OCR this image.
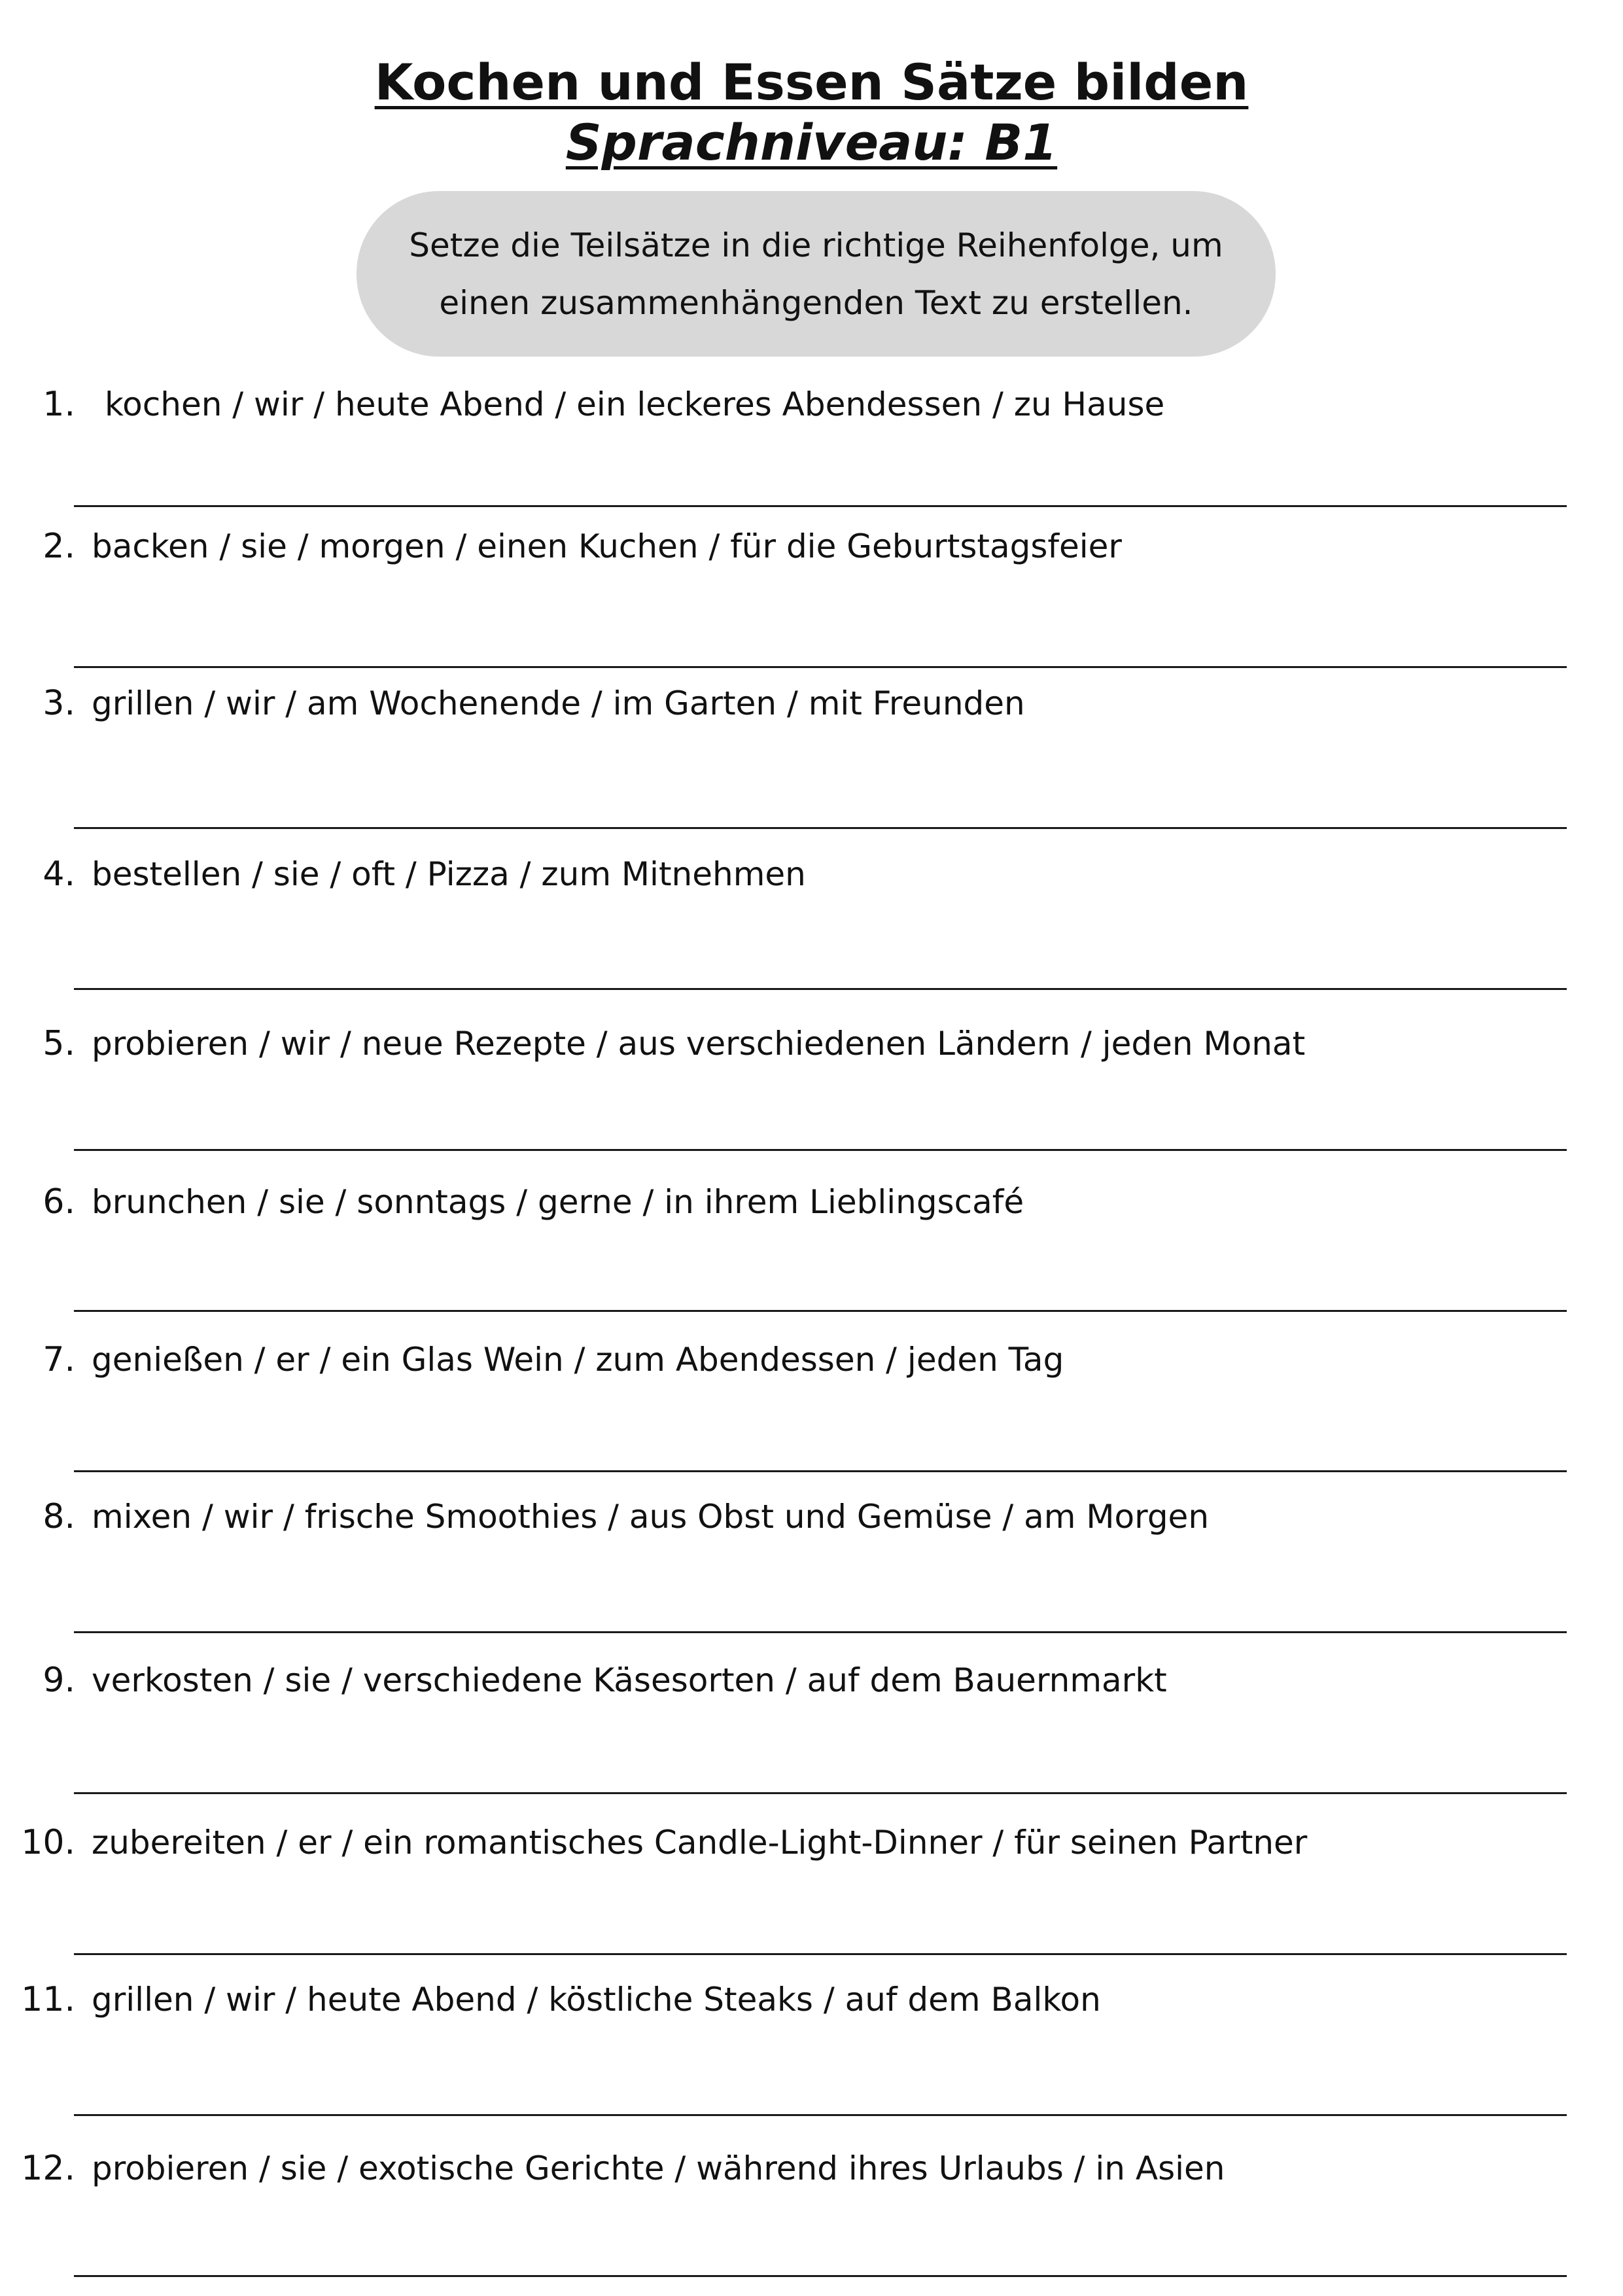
Kochen und Essen Sätze bilden
Sprachniveau: B1
Setze die Teilsätze in die richtige Reihenfolge, um einen zusammenhängenden Text zu erstellen.
1. kochen / wir / heute Abend / ein leckeres Abendessen / zu Hause
2. backen / sie / morgen / einen Kuchen / für die Geburtstagsfeier
3. grillen / wir / am Wochenende / im Garten / mit Freunden
4. bestellen / sie / oft / Pizza / zum Mitnehmen
5. probieren / wir / neue Rezepte / aus verschiedenen Ländern / jeden Monat
6. brunchen / sie / sonntags / gerne / in ihrem Lieblingscafé
7. genießen / er / ein Glas Wein / zum Abendessen / jeden Tag
8. mixen / wir / frische Smoothies / aus Obst und Gemüse / am Morgen
9. verkosten / sie / verschiedene Käsesorten / auf dem Bauernmarkt
10. zubereiten / er / ein romantisches Candle-Light-Dinner / für seinen Partner
11. grillen / wir / heute Abend / köstliche Steaks / auf dem Balkon
12. probieren / sie / exotische Gerichte / während ihres Urlaubs / in Asien
